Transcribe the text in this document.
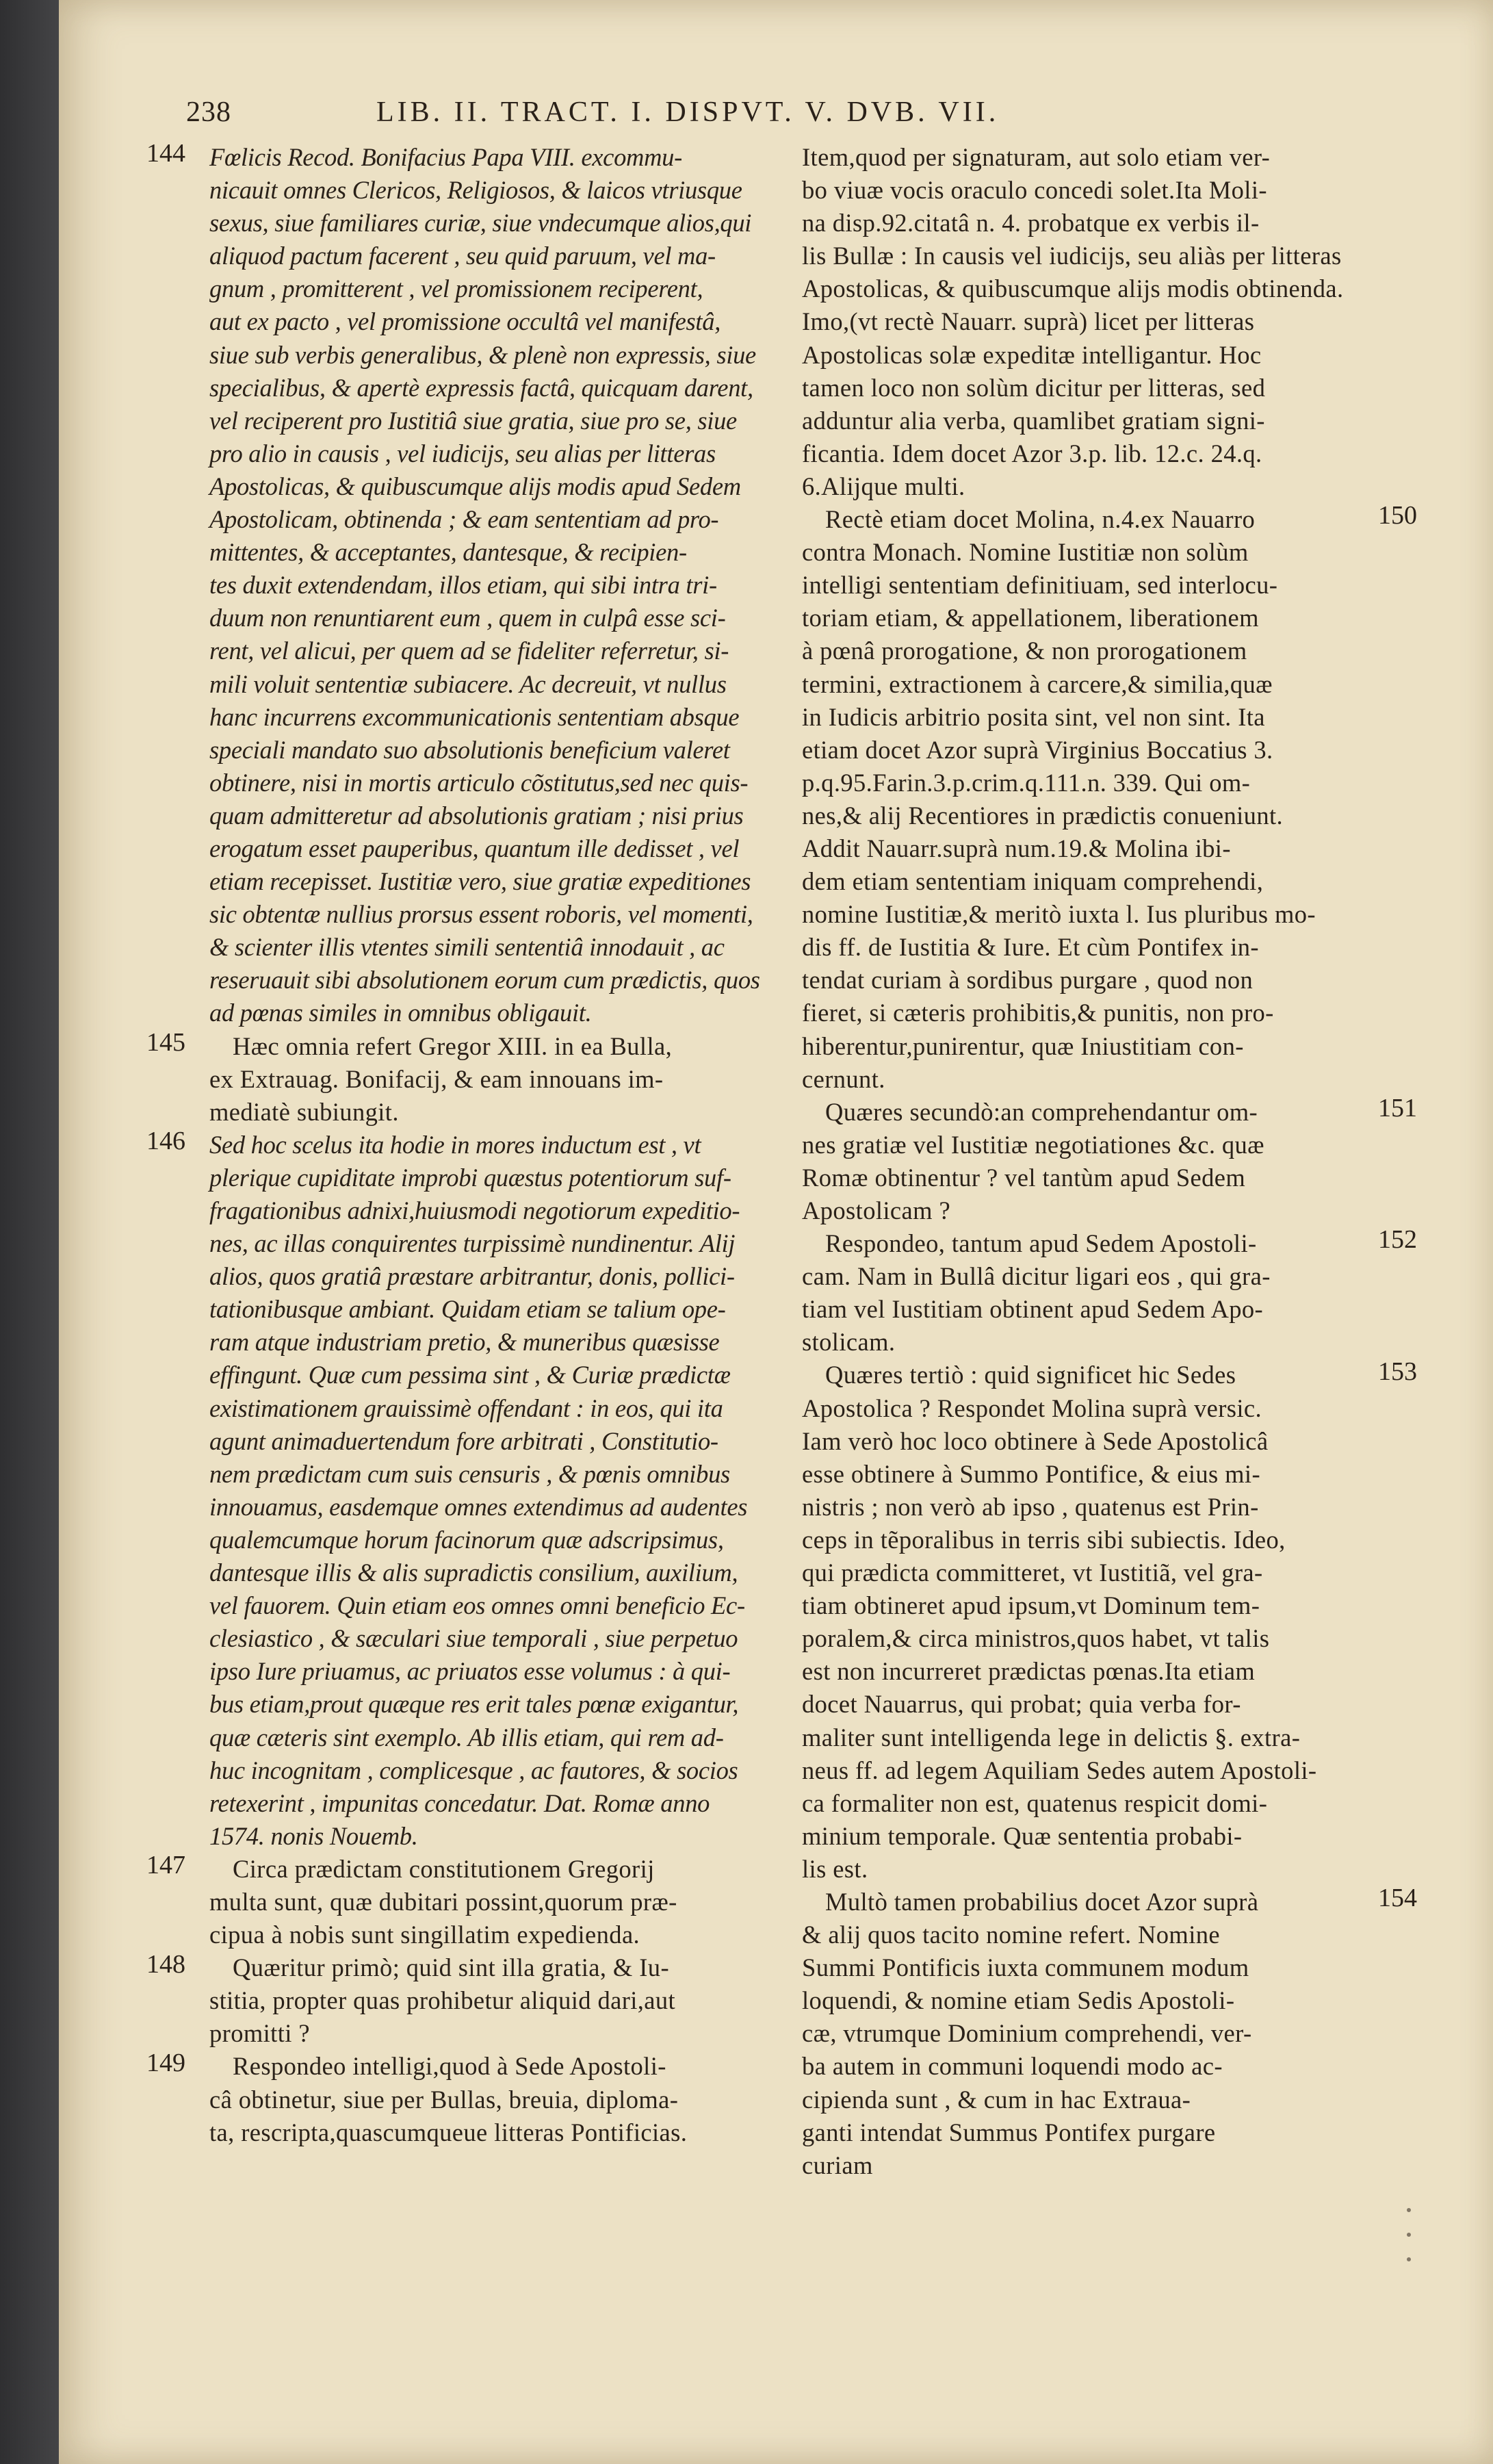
238	LIB. II. TRACT. I. DISPVT. V. DVB. VII.
Fœlicis Recod. Bonifacius Papa VIII. excommu-
nicauit omnes Clericos, Religiosos, & laicos vtriusque
sexus, siue familiares curiæ, siue vndecumque alios,qui
aliquod pactum facerent , seu quid paruum, vel ma-
gnum , promitterent , vel promissionem reciperent,
aut ex pacto , vel promissione occultâ vel manifestâ,
siue sub verbis generalibus, & plenè non expressis, siue
specialibus, & apertè expressis factâ, quicquam darent,
vel reciperent pro Iustitiâ siue gratia, siue pro se, siue
pro alio in causis , vel iudicijs, seu alias per litteras
Apostolicas, & quibuscumque alijs modis apud Sedem
Apostolicam, obtinenda ; & eam sententiam ad pro-
mittentes, & acceptantes, dantesque, & recipien-
tes duxit extendendam, illos etiam, qui sibi intra tri-
duum non renuntiarent eum , quem in culpâ esse sci-
rent, vel alicui, per quem ad se fideliter referretur, si-
mili voluit sententiæ subiacere. Ac decreuit, vt nullus
hanc incurrens excommunicationis sententiam absque
speciali mandato suo absolutionis beneficium valeret
obtinere, nisi in mortis articulo cõstitutus,sed nec quis-
quam admitteretur ad absolutionis gratiam ; nisi prius
erogatum esset pauperibus, quantum ille dedisset , vel
etiam recepisset. Iustitiæ vero, siue gratiæ expeditiones
sic obtentæ nullius prorsus essent roboris, vel momenti,
& scienter illis vtentes simili sententiâ innodauit , ac
reseruauit sibi absolutionem eorum cum prædictis, quos
ad pœnas similes in omnibus obligauit.
Hæc omnia refert Gregor XIII. in ea Bulla,
ex Extrauag. Bonifacij, & eam innouans im-
mediatè subiungit.
Sed hoc scelus ita hodie in mores inductum est , vt
plerique cupiditate improbi quæstus potentiorum suf-
fragationibus adnixi,huiusmodi negotiorum expeditio-
nes, ac illas conquirentes turpissimè nundinentur. Alij
alios, quos gratiâ præstare arbitrantur, donis, pollici-
tationibusque ambiant. Quidam etiam se talium ope-
ram atque industriam pretio, & muneribus quæsisse
effingunt. Quæ cum pessima sint , & Curiæ prædictæ
existimationem grauissimè offendant : in eos, qui ita
agunt animaduertendum fore arbitrati , Constitutio-
nem prædictam cum suis censuris , & pœnis omnibus
innouamus, easdemque omnes extendimus ad audentes
qualemcumque horum facinorum quæ adscripsimus,
dantesque illis & alis supradictis consilium, auxilium,
vel fauorem. Quin etiam eos omnes omni beneficio Ec-
clesiastico , & sæculari siue temporali , siue perpetuo
ipso Iure priuamus, ac priuatos esse volumus : à qui-
bus etiam,prout quæque res erit tales pœnæ exigantur,
quæ cæteris sint exemplo. Ab illis etiam, qui rem ad-
huc incognitam , complicesque , ac fautores, & socios
retexerint , impunitas concedatur. Dat. Romæ anno
1574. nonis Nouemb.
Circa prædictam constitutionem Gregorij
multa sunt, quæ dubitari possint,quorum præ-
cipua à nobis sunt singillatim expedienda.
Quæritur primò; quid sint illa gratia, & Iu-
stitia, propter quas prohibetur aliquid dari,aut
promitti ?
Respondeo intelligi,quod à Sede Apostoli-
câ obtinetur, siue per Bullas, breuia, diploma-
ta, rescripta,quascumqueue litteras Pontificias.
Item,quod per signaturam, aut solo etiam ver-
bo viuæ vocis oraculo concedi solet.Ita Moli-
na disp.92.citatâ n. 4. probatque ex verbis il-
lis Bullæ : In causis vel iudicijs, seu aliàs per litteras
Apostolicas, & quibuscumque alijs modis obtinenda.
Imo,(vt rectè Nauarr. suprà) licet per litteras
Apostolicas solæ expeditæ intelligantur. Hoc
tamen loco non solùm dicitur per litteras, sed
adduntur alia verba, quamlibet gratiam signi-
ficantia. Idem docet Azor 3.p. lib. 12.c. 24.q.
6.Alijque multi.
Rectè etiam docet Molina, n.4.ex Nauarro
contra Monach. Nomine Iustitiæ non solùm
intelligi sententiam definitiuam, sed interlocu-
toriam etiam, & appellationem, liberationem
à pœnâ prorogatione, & non prorogationem
termini, extractionem à carcere,& similia,quæ
in Iudicis arbitrio posita sint, vel non sint. Ita
etiam docet Azor suprà Virginius Boccatius 3.
p.q.95.Farin.3.p.crim.q.111.n. 339. Qui om-
nes,& alij Recentiores in prædictis conueniunt.
Addit Nauarr.suprà num.19.& Molina ibi-
dem etiam sententiam iniquam comprehendi,
nomine Iustitiæ,& meritò iuxta l. Ius pluribus mo-
dis ff. de Iustitia & Iure. Et cùm Pontifex in-
tendat curiam à sordibus purgare , quod non
fieret, si cæteris prohibitis,& punitis, non pro-
hiberentur,punirentur, quæ Iniustitiam con-
cernunt.
Quæres secundò:an comprehendantur om-
nes gratiæ vel Iustitiæ negotiationes &c. quæ
Romæ obtinentur ? vel tantùm apud Sedem
Apostolicam ?
Respondeo, tantum apud Sedem Apostoli-
cam. Nam in Bullâ dicitur ligari eos , qui gra-
tiam vel Iustitiam obtinent apud Sedem Apo-
stolicam.
Quæres tertiò : quid significet hic Sedes
Apostolica ? Respondet Molina suprà versic.
Iam verò hoc loco obtinere à Sede Apostolicâ
esse obtinere à Summo Pontifice, & eius mi-
nistris ; non verò ab ipso , quatenus est Prin-
ceps in tẽporalibus in terris sibi subiectis. Ideo,
qui prædicta committeret, vt Iustitiã, vel gra-
tiam obtineret apud ipsum,vt Dominum tem-
poralem,& circa ministros,quos habet, vt talis
est non incurreret prædictas pœnas.Ita etiam
docet Nauarrus, qui probat; quia verba for-
maliter sunt intelligenda lege in delictis §. extra-
neus ff. ad legem Aquiliam Sedes autem Apostoli-
ca formaliter non est, quatenus respicit domi-
minium temporale. Quæ sententia probabi-
lis est.
Multò tamen probabilius docet Azor suprà
& alij quos tacito nomine refert. Nomine
Summi Pontificis iuxta communem modum
loquendi, & nomine etiam Sedis Apostoli-
cæ, vtrumque Dominium comprehendi, ver-
ba autem in communi loquendi modo ac-
cipienda sunt , & cum in hac Extraua-
ganti intendat Summus Pontifex purgare
curiam
144
145
146
147
148
149
150
151
152
153
154
